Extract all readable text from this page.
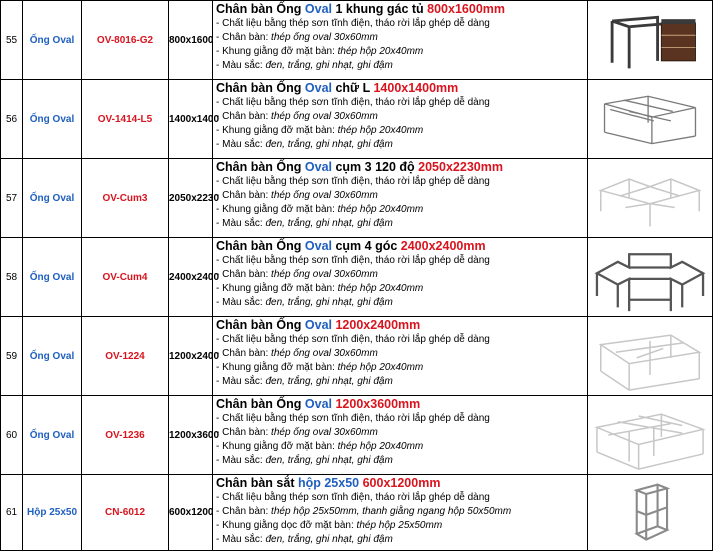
55	Ống Oval	OV-8016-G2	800x1600	Chân bàn Ống Oval 1 khung gác tủ 800x1600mm
- Chất liệu bằng thép sơn tĩnh điện, tháo rời lắp ghép dễ dàng
- Chân bàn: thép ống oval 30x60mm
- Khung giằng đỡ mặt bàn: thép hộp 20x40mm
- Màu sắc: đen, trắng, ghi nhạt, ghi đậm

56	Ống Oval	OV-1414-L5	1400x1400	Chân bàn Ống Oval chữ L 1400x1400mm
- Chất liệu bằng thép sơn tĩnh điện, tháo rời lắp ghép dễ dàng
- Chân bàn: thép ống oval 30x60mm
- Khung giằng đỡ mặt bàn: thép hộp 20x40mm
- Màu sắc: đen, trắng, ghi nhạt, ghi đậm

57	Ống Oval	OV-Cum3	2050x2230	Chân bàn Ống Oval cụm 3 120 độ 2050x2230mm
- Chất liệu bằng thép sơn tĩnh điện, tháo rời lắp ghép dễ dàng
- Chân bàn: thép ống oval 30x60mm
- Khung giằng đỡ mặt bàn: thép hộp 20x40mm
- Màu sắc: đen, trắng, ghi nhạt, ghi đậm

58	Ống Oval	OV-Cum4	2400x2400	Chân bàn Ống Oval cụm 4 góc 2400x2400mm
- Chất liệu bằng thép sơn tĩnh điện, tháo rời lắp ghép dễ dàng
- Chân bàn: thép ống oval 30x60mm
- Khung giằng đỡ mặt bàn: thép hộp 20x40mm
- Màu sắc: đen, trắng, ghi nhạt, ghi đậm

59	Ống Oval	OV-1224	1200x2400	Chân bàn Ống Oval 1200x2400mm
- Chất liệu bằng thép sơn tĩnh điện, tháo rời lắp ghép dễ dàng
- Chân bàn: thép ống oval 30x60mm
- Khung giằng đỡ mặt bàn: thép hộp 20x40mm
- Màu sắc: đen, trắng, ghi nhạt, ghi đậm

60	Ống Oval	OV-1236	1200x3600	Chân bàn Ống Oval 1200x3600mm
- Chất liệu bằng thép sơn tĩnh điện, tháo rời lắp ghép dễ dàng
- Chân bàn: thép ống oval 30x60mm
- Khung giằng đỡ mặt bàn: thép hộp 20x40mm
- Màu sắc: đen, trắng, ghi nhạt, ghi đậm

61	Hộp 25x50	CN-6012	600x1200	Chân bàn sắt hộp 25x50 600x1200mm
- Chất liệu bằng thép sơn tĩnh điện, tháo rời lắp ghép dễ dàng
- Chân bàn: thép hộp 25x50mm, thanh giằng ngang hộp 50x50mm
- Khung giằng dọc đỡ mặt bàn: thép hộp 25x50mm
- Màu sắc: đen, trắng, ghi nhạt, ghi đậm
